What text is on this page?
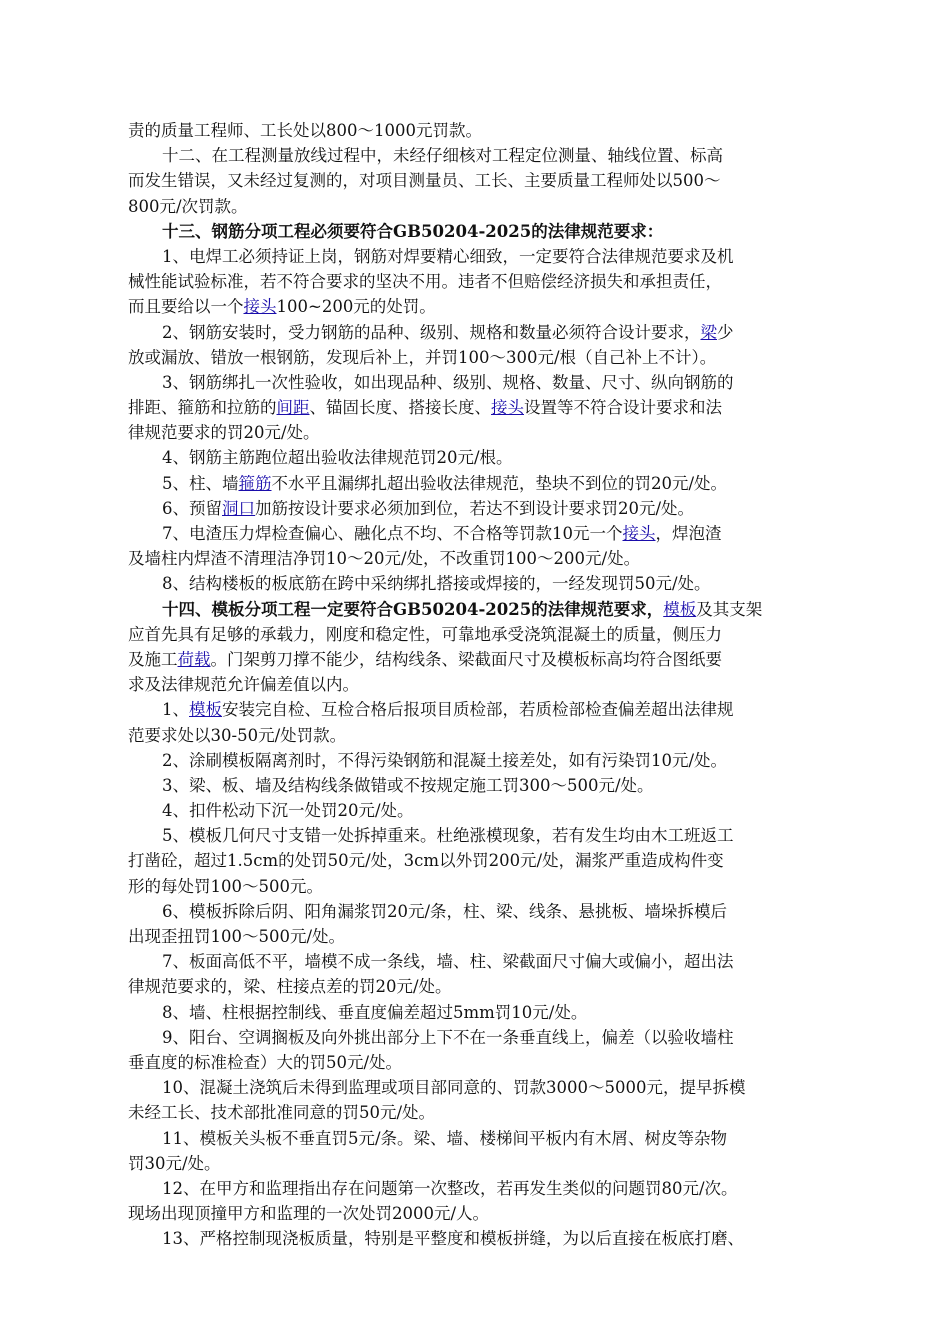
责的质量工程师、工长处以800～1000元罚款。
十二、在工程测量放线过程中，未经仔细核对工程定位测量、轴线位置、标高
而发生错误，又未经过复测的，对项目测量员、工长、主要质量工程师处以500～
800元/次罚款。
十三、钢筋分项工程必须要符合GB50204-2025的法律规范要求：
1、电焊工必须持证上岗，钢筋对焊要精心细致，一定要符合法律规范要求及机
械性能试验标准，若不符合要求的坚决不用。违者不但赔偿经济损失和承担责任，
而且要给以一个接头100~200元的处罚。
2、钢筋安装时，受力钢筋的品种、级别、规格和数量必须符合设计要求，梁少
放或漏放、错放一根钢筋，发现后补上，并罚100～300元/根（自己补上不计）。
3、钢筋绑扎一次性验收，如出现品种、级别、规格、数量、尺寸、纵向钢筋的
排距、箍筋和拉筋的间距、锚固长度、搭接长度、接头设置等不符合设计要求和法
律规范要求的罚20元/处。
4、钢筋主筋跑位超出验收法律规范罚20元/根。
5、柱、墙箍筋不水平且漏绑扎超出验收法律规范，垫块不到位的罚20元/处。
6、预留洞口加筋按设计要求必须加到位，若达不到设计要求罚20元/处。
7、电渣压力焊检查偏心、融化点不均、不合格等罚款10元一个接头，焊泡渣
及墙柱内焊渣不清理洁净罚10～20元/处，不改重罚100～200元/处。
8、结构楼板的板底筋在跨中采纳绑扎搭接或焊接的，一经发现罚50元/处。
十四、模板分项工程一定要符合GB50204-2025的法律规范要求，模板及其支架
应首先具有足够的承载力，刚度和稳定性，可靠地承受浇筑混凝土的质量，侧压力
及施工荷载。门架剪刀撑不能少，结构线条、梁截面尺寸及模板标高均符合图纸要
求及法律规范允许偏差值以内。
1、模板安装完自检、互检合格后报项目质检部，若质检部检查偏差超出法律规
范要求处以30-50元/处罚款。
2、涂刷模板隔离剂时，不得污染钢筋和混凝土接差处，如有污染罚10元/处。
3、梁、板、墙及结构线条做错或不按规定施工罚300～500元/处。
4、扣件松动下沉一处罚20元/处。
5、模板几何尺寸支错一处拆掉重来。杜绝涨模现象，若有发生均由木工班返工
打凿砼，超过1.5cm的处罚50元/处，3cm以外罚200元/处，漏浆严重造成构件变
形的每处罚100～500元。
6、模板拆除后阴、阳角漏浆罚20元/条，柱、梁、线条、悬挑板、墙垛拆模后
出现歪扭罚100～500元/处。
7、板面高低不平，墙模不成一条线，墙、柱、梁截面尺寸偏大或偏小，超出法
律规范要求的，梁、柱接点差的罚20元/处。
8、墙、柱根据控制线、垂直度偏差超过5mm罚10元/处。
9、阳台、空调搁板及向外挑出部分上下不在一条垂直线上，偏差（以验收墙柱
垂直度的标准检查）大的罚50元/处。
10、混凝土浇筑后未得到监理或项目部同意的、罚款3000～5000元，提早拆模
未经工长、技术部批准同意的罚50元/处。
11、模板关头板不垂直罚5元/条。梁、墙、楼梯间平板内有木屑、树皮等杂物
罚30元/处。
12、在甲方和监理指出存在问题第一次整改，若再发生类似的问题罚80元/次。
现场出现顶撞甲方和监理的一次处罚2000元/人。
13、严格控制现浇板质量，特别是平整度和模板拼缝，为以后直接在板底打磨、
